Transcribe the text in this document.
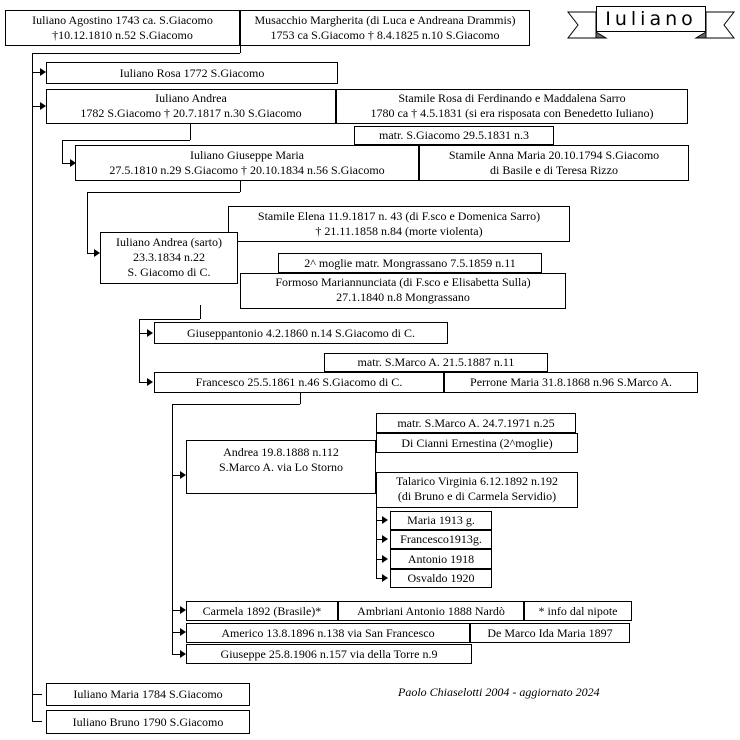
Iuliano
Iuliano Agostino 1743 ca. S.Giacomo
†10.12.1810 n.52 S.Giacomo
Musacchio Margherita (di Luca e Andreana Drammis)
1753 ca S.Giacomo † 8.4.1825 n.10 S.Giacomo
Iuliano Rosa 1772 S.Giacomo
Iuliano Andrea
1782 S.Giacomo † 20.7.1817 n.30 S.Giacomo
Stamile Rosa di Ferdinando e Maddalena Sarro
1780 ca † 4.5.1831 (si era risposata con Benedetto Iuliano)
matr. S.Giacomo 29.5.1831 n.3
Iuliano Giuseppe Maria
27.5.1810 n.29 S.Giacomo † 20.10.1834 n.56 S.Giacomo
Stamile Anna Maria 20.10.1794 S.Giacomo
di Basile e di Teresa Rizzo
Stamile Elena 11.9.1817 n. 43 (di F.sco e Domenica Sarro)
† 21.11.1858 n.84 (morte violenta)
Iuliano Andrea (sarto)
23.3.1834 n.22
S. Giacomo di C.
2^ moglie matr. Mongrassano 7.5.1859 n.11
Formoso Mariannunciata (di F.sco e Elisabetta Sulla)
27.1.1840 n.8 Mongrassano
Giuseppantonio 4.2.1860 n.14 S.Giacomo di C.
matr. S.Marco A. 21.5.1887 n.11
Francesco 25.5.1861 n.46 S.Giacomo di C.	Perrone Maria 31.8.1868 n.96 S.Marco A.
matr. S.Marco A. 24.7.1971 n.25
Di Cianni Ernestina (2^moglie)
Andrea 19.8.1888 n.112
S.Marco A. via Lo Storno
Talarico Virginia 6.12.1892 n.192
(di Bruno e di Carmela Servidio)
Maria 1913 g.
Francesco1913g.
Antonio 1918
Osvaldo 1920
Carmela 1892 (Brasile)*	Ambriani Antonio 1888 Nardò	* info dal nipote
Americo 13.8.1896 n.138 via San Francesco	De Marco Ida Maria 1897
Giuseppe 25.8.1906 n.157 via della Torre n.9
Iuliano Maria 1784 S.Giacomo
Iuliano Bruno 1790 S.Giacomo
Paolo Chiaselotti 2004 - aggiornato 2024
